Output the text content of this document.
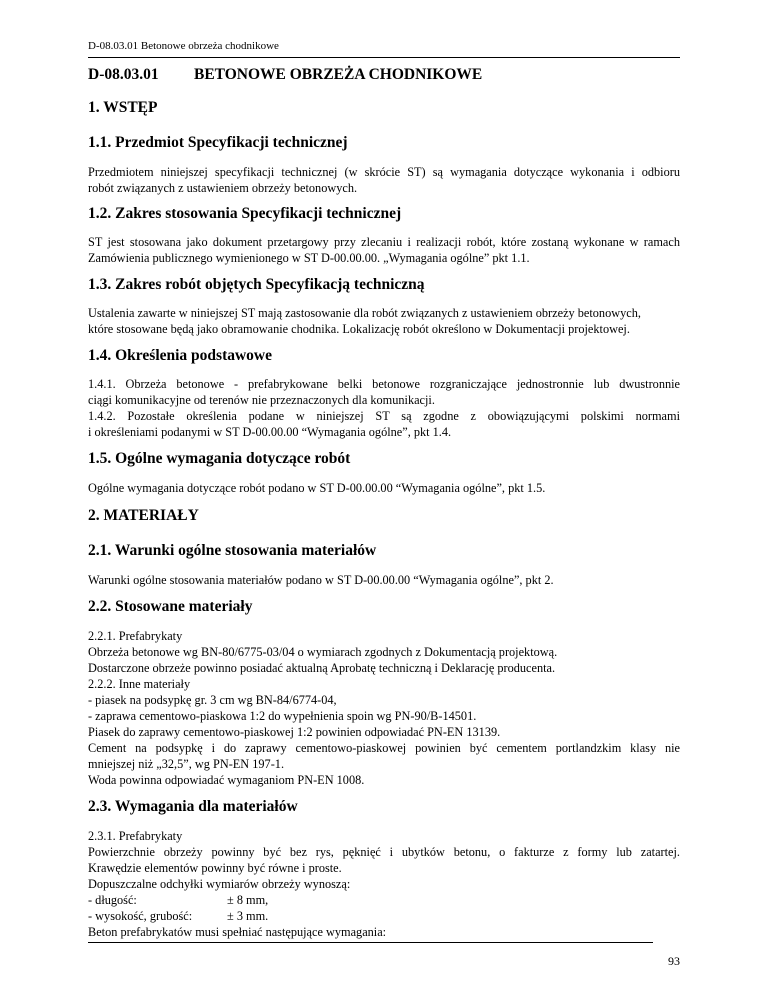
D-08.03.01 Betonowe obrzeża chodnikowe
D-08.03.01 BETONOWE OBRZEŻA CHODNIKOWE
1. WSTĘP
1.1. Przedmiot Specyfikacji technicznej
Przedmiotem niniejszej specyfikacji technicznej (w skrócie ST) są wymagania dotyczące wykonania i odbioru
robót związanych z ustawieniem obrzeży betonowych.
1.2. Zakres stosowania Specyfikacji technicznej
ST jest stosowana jako dokument przetargowy przy zlecaniu i realizacji robót, które zostaną wykonane w ramach
Zamówienia publicznego wymienionego w ST D-00.00.00. „Wymagania ogólne” pkt 1.1.
1.3. Zakres robót objętych Specyfikacją techniczną
Ustalenia zawarte w niniejszej ST mają zastosowanie dla robót związanych z ustawieniem obrzeży betonowych,
które stosowane będą jako obramowanie chodnika. Lokalizację robót określono w Dokumentacji projektowej.
1.4. Określenia podstawowe
1.4.1. Obrzeża betonowe - prefabrykowane belki betonowe rozgraniczające jednostronnie lub dwustronnie
ciągi komunikacyjne od terenów nie przeznaczonych dla komunikacji.
1.4.2. Pozostałe określenia podane w niniejszej ST są zgodne z obowiązującymi polskimi normami
i określeniami podanymi w ST D-00.00.00 “Wymagania ogólne”, pkt 1.4.
1.5. Ogólne wymagania dotyczące robót
Ogólne wymagania dotyczące robót podano w ST D-00.00.00 “Wymagania ogólne”, pkt 1.5.
2. MATERIAŁY
2.1. Warunki ogólne stosowania materiałów
Warunki ogólne stosowania materiałów podano w ST D-00.00.00 “Wymagania ogólne”, pkt 2.
2.2. Stosowane materiały
2.2.1. Prefabrykaty
Obrzeża betonowe wg BN-80/6775-03/04 o wymiarach zgodnych z Dokumentacją projektową.
Dostarczone obrzeże powinno posiadać aktualną Aprobatę techniczną i Deklarację producenta.
2.2.2. Inne materiały
- piasek na podsypkę gr. 3 cm wg BN-84/6774-04,
- zaprawa cementowo-piaskowa 1:2 do wypełnienia spoin wg PN-90/B-14501.
Piasek do zaprawy cementowo-piaskowej 1:2 powinien odpowiadać PN-EN 13139.
Cement na podsypkę i do zaprawy cementowo-piaskowej powinien być cementem portlandzkim klasy nie
mniejszej niż „32,5”, wg PN-EN 197-1.
Woda powinna odpowiadać wymaganiom PN-EN 1008.
2.3. Wymagania dla materiałów
2.3.1. Prefabrykaty
Powierzchnie obrzeży powinny być bez rys, pęknięć i ubytków betonu, o fakturze z formy lub zatartej.
Krawędzie elementów powinny być równe i proste.
Dopuszczalne odchyłki wymiarów obrzeży wynoszą:
- długość:	± 8 mm,
- wysokość, grubość:	± 3 mm.
Beton prefabrykatów musi spełniać następujące wymagania:
93
